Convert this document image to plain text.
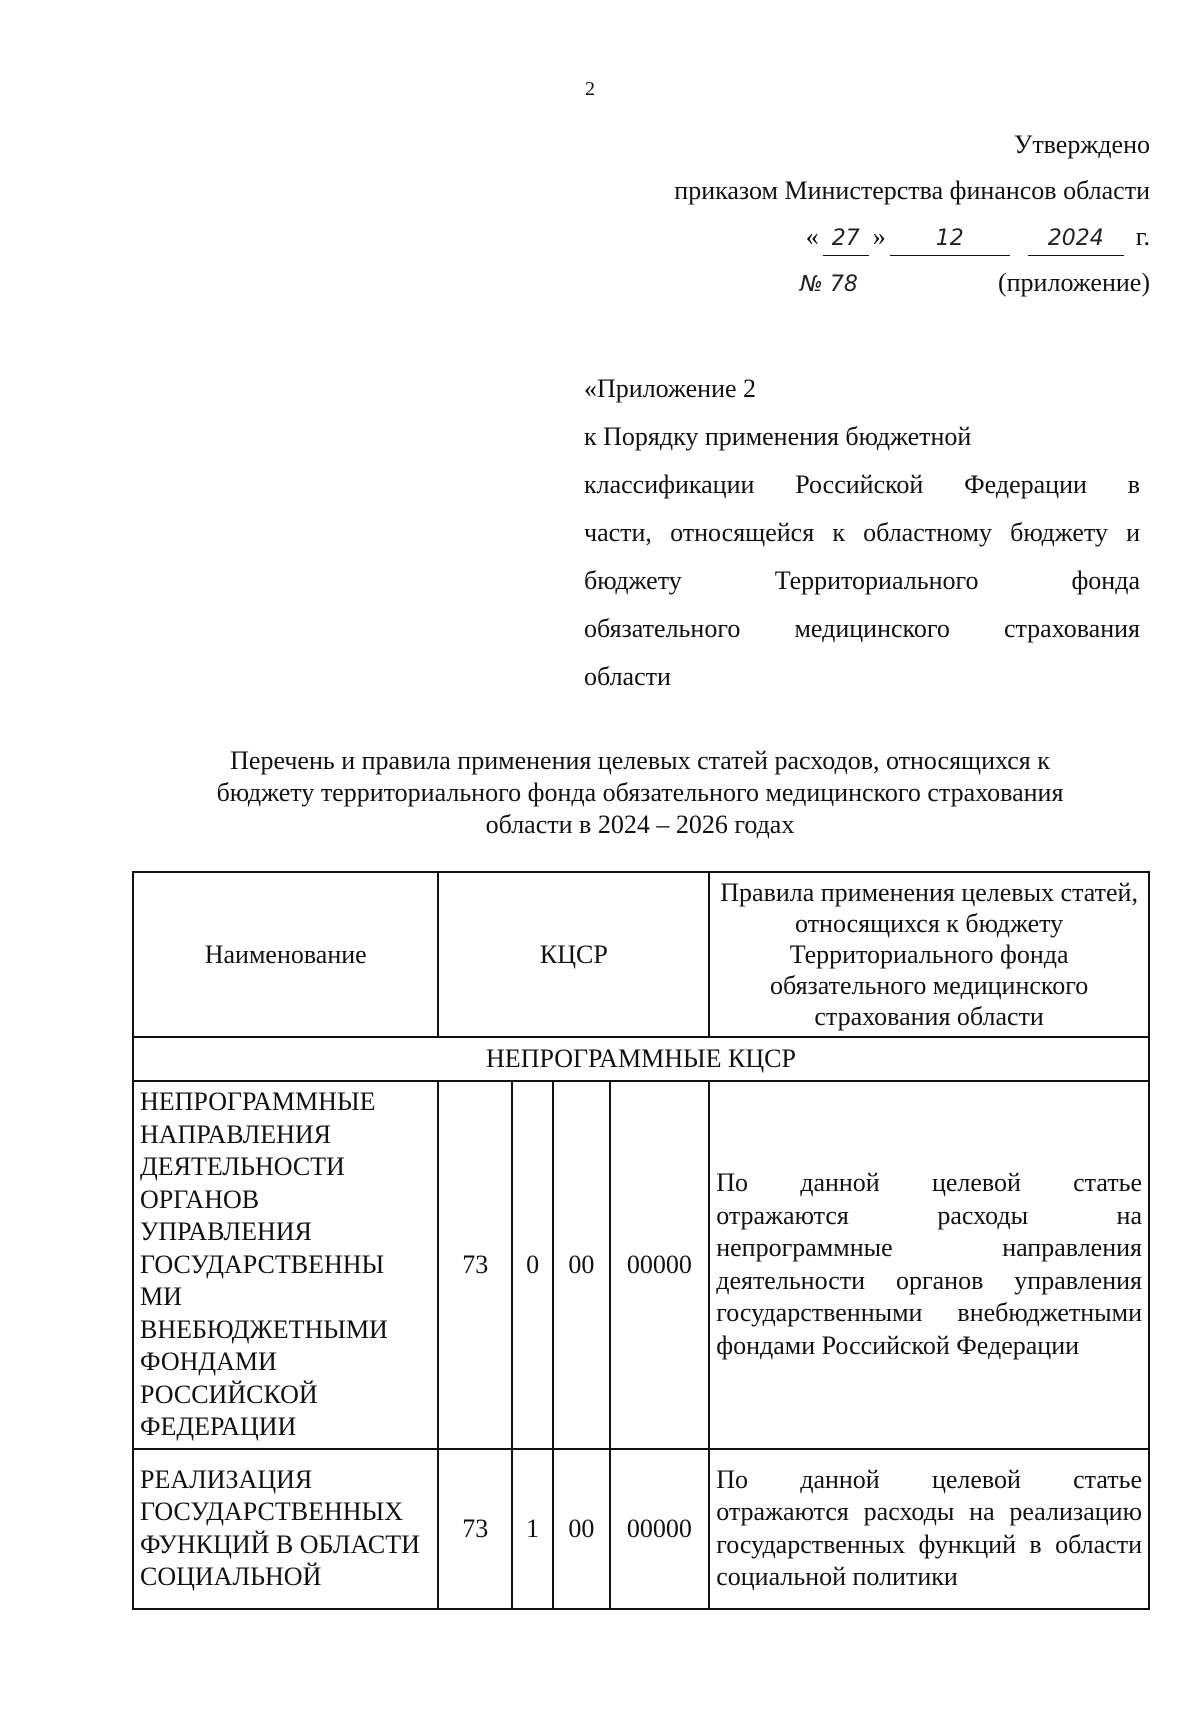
2
Утверждено
приказом Министерства финансов области
« 27 »	12	2024	г.
№ 78	(приложение)
«Приложение 2
к Порядку применения бюджетной
классификации Российской Федерации в
части, относящейся к областному бюджету и
бюджету Территориального фонда
обязательного медицинского страхования
области
Перечень и правила применения целевых статей расходов, относящихся к
бюджету территориального фонда обязательного медицинского страхования
области в 2024 – 2026 годах
Наименование	КЦСР				Правила применения целевых статей, относящихся к бюджету Территориального фонда обязательного медицинского страхования области
НЕПРОГРАММНЫЕ КЦСР					
НЕПРОГРАММНЫЕ НАПРАВЛЕНИЯ ДЕЯТЕЛЬНОСТИ ОРГАНОВ УПРАВЛЕНИЯ ГОСУДАРСТВЕННЫ МИ ВНЕБЮДЖЕТНЫМИ ФОНДАМИ РОССИЙСКОЙ ФЕДЕРАЦИИ	73	0	00	00000	По данной целевой статье отражаются расходы на непрограммные направления деятельности органов управления государственными внебюджетными фондами Российской Федерации
РЕАЛИЗАЦИЯ ГОСУДАРСТВЕННЫХ ФУНКЦИЙ В ОБЛАСТИ СОЦИАЛЬНОЙ	73	1	00	00000	По данной целевой статье отражаются расходы на реализацию государственных функций в области социальной политики
